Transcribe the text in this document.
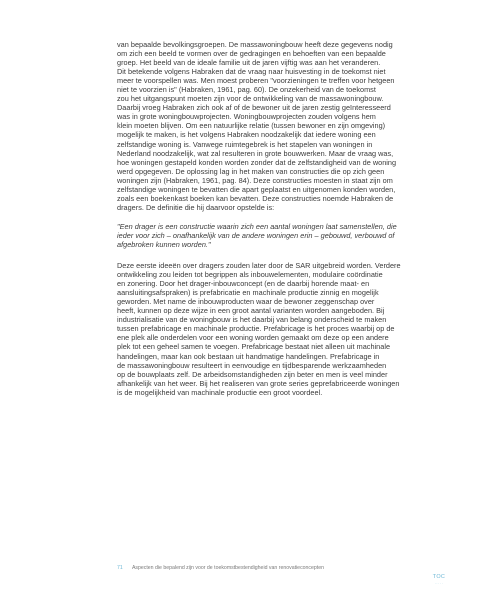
van bepaalde bevolkingsgroepen. De massawoningbouw heeft deze gegevens nodig
om zich een beeld te vormen over de gedragingen en behoeften van een bepaalde
groep. Het beeld van de ideale familie uit de jaren vijftig was aan het veranderen.
Dit betekende volgens Habraken dat de vraag naar huisvesting in de toekomst niet
meer te voorspellen was. Men moest proberen "voorzieningen te treffen voor hetgeen
niet te voorzien is" (Habraken, 1961, pag. 60). De onzekerheid van de toekomst
zou het uitgangspunt moeten zijn voor de ontwikkeling van de massawoningbouw.
Daarbij vroeg Habraken zich ook af of de bewoner uit de jaren zestig geïnteresseerd
was in grote woningbouwprojecten. Woningbouwprojecten zouden volgens hem
klein moeten blijven. Om een natuurlijke relatie (tussen bewoner en zijn omgeving)
mogelijk te maken, is het volgens Habraken noodzakelijk dat iedere woning een
zelfstandige woning is. Vanwege ruimtegebrek is het stapelen van woningen in
Nederland noodzakelijk, wat zal resulteren in grote bouwwerken. Maar de vraag was,
hoe woningen gestapeld konden worden zonder dat de zelfstandigheid van de woning
werd opgegeven. De oplossing lag in het maken van constructies die op zich geen
woningen zijn (Habraken, 1961, pag. 84). Deze constructies moesten in staat zijn om
zelfstandige woningen te bevatten die apart geplaatst en uitgenomen konden worden,
zoals een boekenkast boeken kan bevatten. Deze constructies noemde Habraken de
dragers. De definitie die hij daarvoor opstelde is:

"Een drager is een constructie waarin zich een aantal woningen laat samenstellen, die
ieder voor zich – onafhankelijk van de andere woningen erin – gebouwd, verbouwd of
afgebroken kunnen worden."

Deze eerste ideeën over dragers zouden later door de SAR uitgebreid worden. Verdere
ontwikkeling zou leiden tot begrippen als inbouwelementen, modulaire coördinatie
en zonering. Door het drager-inbouwconcept (en de daarbij horende maat- en
aansluitingsafspraken) is prefabricatie en machinale productie zinnig en mogelijk
geworden. Met name de inbouwproducten waar de bewoner zeggenschap over
heeft, kunnen op deze wijze in een groot aantal varianten worden aangeboden. Bij
industrialisatie van de woningbouw is het daarbij van belang onderscheid te maken
tussen prefabricage en machinale productie. Prefabricage is het proces waarbij op de
ene plek alle onderdelen voor een woning worden gemaakt om deze op een andere
plek tot een geheel samen te voegen. Prefabricage bestaat niet alleen uit machinale
handelingen, maar kan ook bestaan uit handmatige handelingen. Prefabricage in
de massawoningbouw resulteert in eenvoudige en tijdbesparende werkzaamheden
op de bouwplaats zelf. De arbeidsomstandigheden zijn beter en men is veel minder
afhankelijk van het weer. Bij het realiseren van grote series geprefabriceerde woningen
is de mogelijkheid van machinale productie een groot voordeel.

71 Aspecten die bepalend zijn voor de toekomstbestendigheid van renovatieconcepten
TOC
.....
